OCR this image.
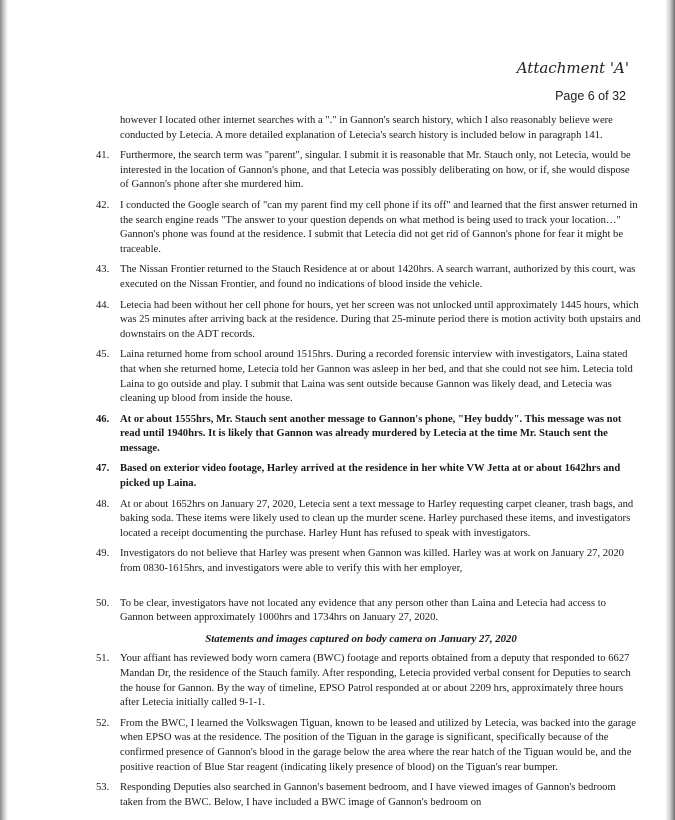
Attachment 'A'
Page 6 of 32

however I located other internet searches with a "." in Gannon's search history, which I also reasonably believe were conducted by Letecia. A more detailed explanation of Letecia's search history is included below in paragraph 141.

41. Furthermore, the search term was "parent", singular. I submit it is reasonable that Mr. Stauch only, not Letecia, would be interested in the location of Gannon's phone, and that Letecia was possibly deliberating on how, or if, she would dispose of Gannon's phone after she murdered him.
42. I conducted the Google search of "can my parent find my cell phone if its off" and learned that the first answer returned in the search engine reads "The answer to your question depends on what method is being used to track your location…" Gannon's phone was found at the residence. I submit that Letecia did not get rid of Gannon's phone for fear it might be traceable.
43. The Nissan Frontier returned to the Stauch Residence at or about 1420hrs. A search warrant, authorized by this court, was executed on the Nissan Frontier, and found no indications of blood inside the vehicle.
44. Letecia had been without her cell phone for hours, yet her screen was not unlocked until approximately 1445 hours, which was 25 minutes after arriving back at the residence. During that 25-minute period there is motion activity both upstairs and downstairs on the ADT records.
45. Laina returned home from school around 1515hrs. During a recorded forensic interview with investigators, Laina stated that when she returned home, Letecia told her Gannon was asleep in her bed, and that she could not see him. Letecia told Laina to go outside and play. I submit that Laina was sent outside because Gannon was likely dead, and Letecia was cleaning up blood from inside the house.
46. At or about 1555hrs, Mr. Stauch sent another message to Gannon's phone, "Hey buddy". This message was not read until 1940hrs. It is likely that Gannon was already murdered by Letecia at the time Mr. Stauch sent the message.
47. Based on exterior video footage, Harley arrived at the residence in her white VW Jetta at or about 1642hrs and picked up Laina.
48. At or about 1652hrs on January 27, 2020, Letecia sent a text message to Harley requesting carpet cleaner, trash bags, and baking soda. These items were likely used to clean up the murder scene. Harley purchased these items, and investigators located a receipt documenting the purchase. Harley Hunt has refused to speak with investigators.
49. Investigators do not believe that Harley was present when Gannon was killed. Harley was at work on January 27, 2020 from 0830-1615hrs, and investigators were able to verify this with her employer,
50. To be clear, investigators have not located any evidence that any person other than Laina and Letecia had access to Gannon between approximately 1000hrs and 1734hrs on January 27, 2020.

Statements and images captured on body camera on January 27, 2020

51. Your affiant has reviewed body worn camera (BWC) footage and reports obtained from a deputy that responded to 6627 Mandan Dr, the residence of the Stauch family. After responding, Letecia provided verbal consent for Deputies to search the house for Gannon. By the way of timeline, EPSO Patrol responded at or about 2209 hrs, approximately three hours after Letecia initially called 9-1-1.
52. From the BWC, I learned the Volkswagen Tiguan, known to be leased and utilized by Letecia, was backed into the garage when EPSO was at the residence. The position of the Tiguan in the garage is significant, specifically because of the confirmed presence of Gannon's blood in the garage below the area where the rear hatch of the Tiguan would be, and the positive reaction of Blue Star reagent (indicating likely presence of blood) on the Tiguan's rear bumper.
53. Responding Deputies also searched in Gannon's basement bedroom, and I have viewed images of Gannon's bedroom taken from the BWC. Below, I have included a BWC image of Gannon's bedroom on
